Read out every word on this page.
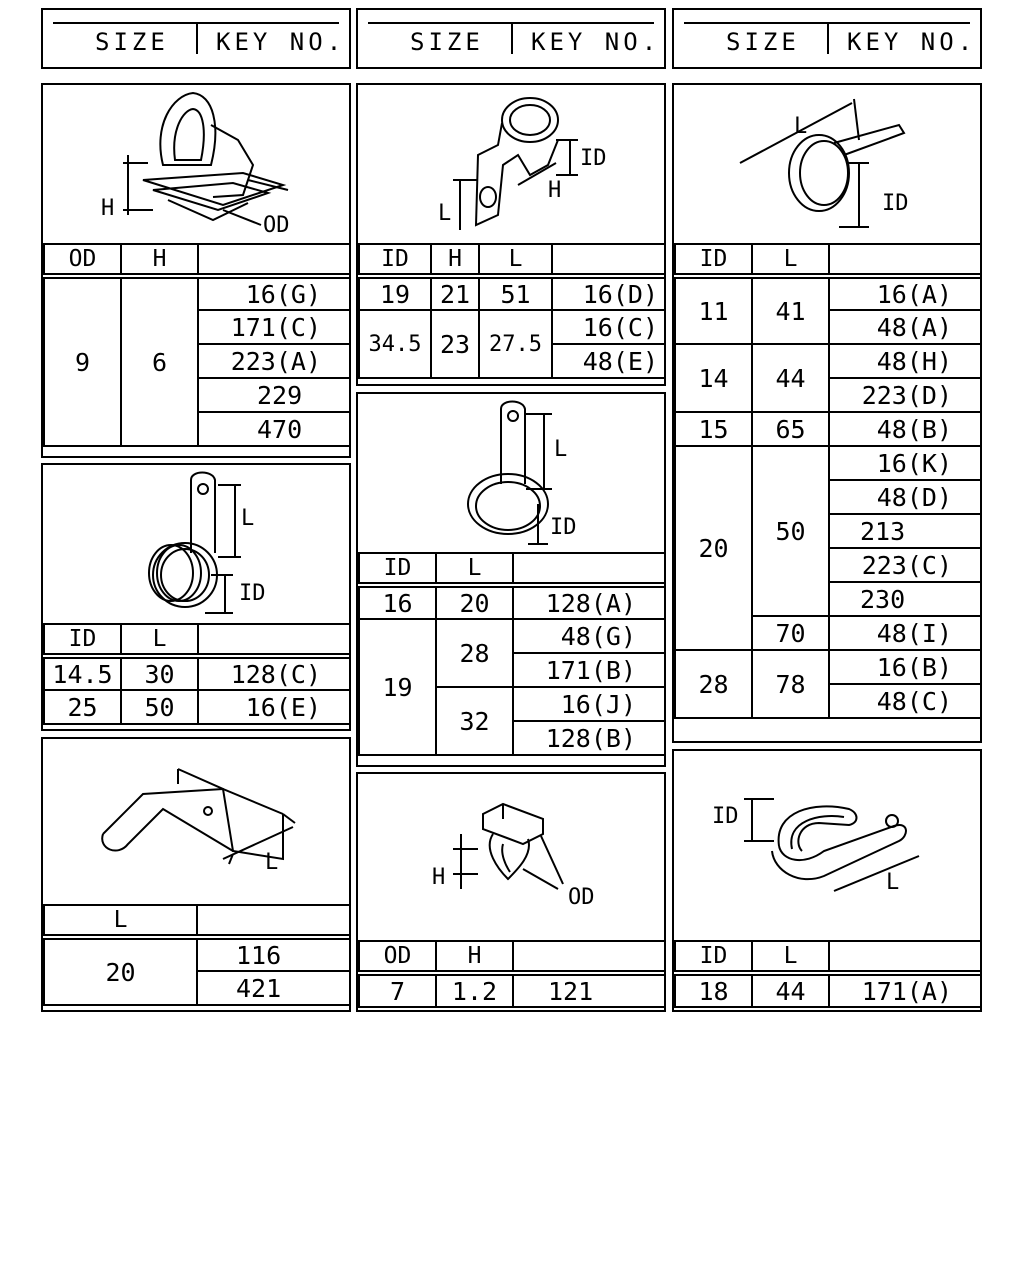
SIZE KEY NO.	SIZE KEY NO.	SIZE KEY NO.
H
OD
OD	H	
9	6	16(G)
		171(C)
		223(A)
		229
		470
L
ID
ID	L	
14.5	30	128(C)
25	50	16(E)
L
L	
20	116
	421
ID
H
L
ID	H	L	
19	21	51	16(D)
34.5	23	27.5	16(C)
			48(E)
L
ID
ID	L	
16	20	128(A)
19	28	48(G)
		171(B)
	32	16(J)
		128(B)
H
OD
OD	H	
7	1.2	121
L
ID
ID	L	
11	41	16(A)
		48(A)
14	44	48(H)
		223(D)
15	65	48(B)
20	50	16(K)
		48(D)
		213
		223(C)
		230
	70	48(I)
28	78	16(B)
		48(C)
ID
L
ID	L	
18	44	171(A)
